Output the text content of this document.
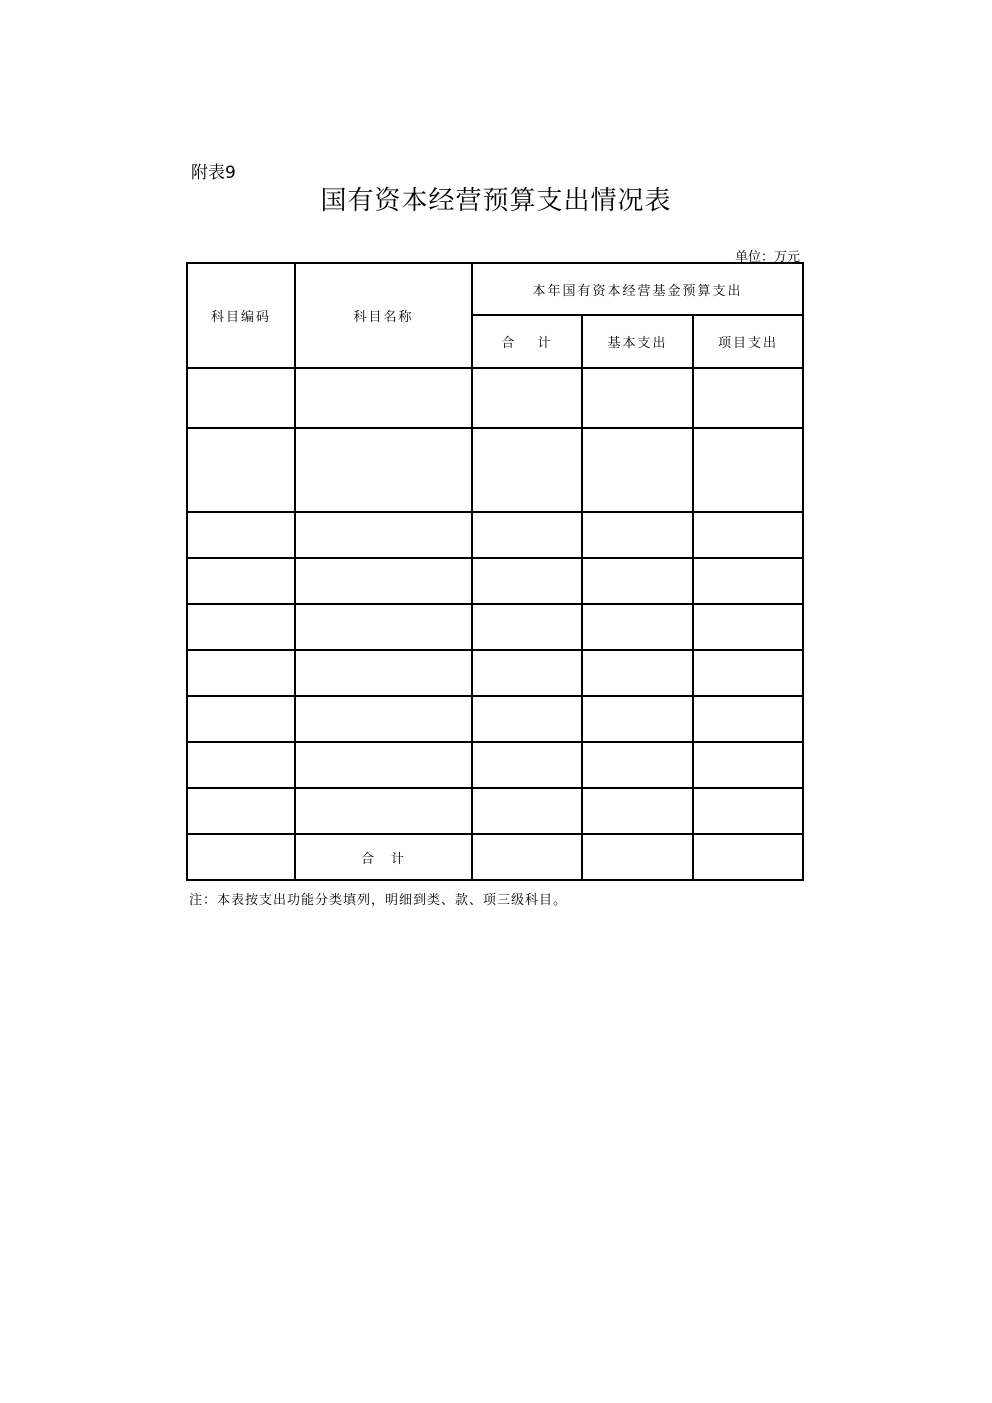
附表9
国有资本经营预算支出情况表
单位：万元
科目编码	科目名称	本年国有资本经营基金预算支出		
		合　 计	基本支出	项目支出

	合　计			
注：本表按支出功能分类填列，明细到类、款、项三级科目。
